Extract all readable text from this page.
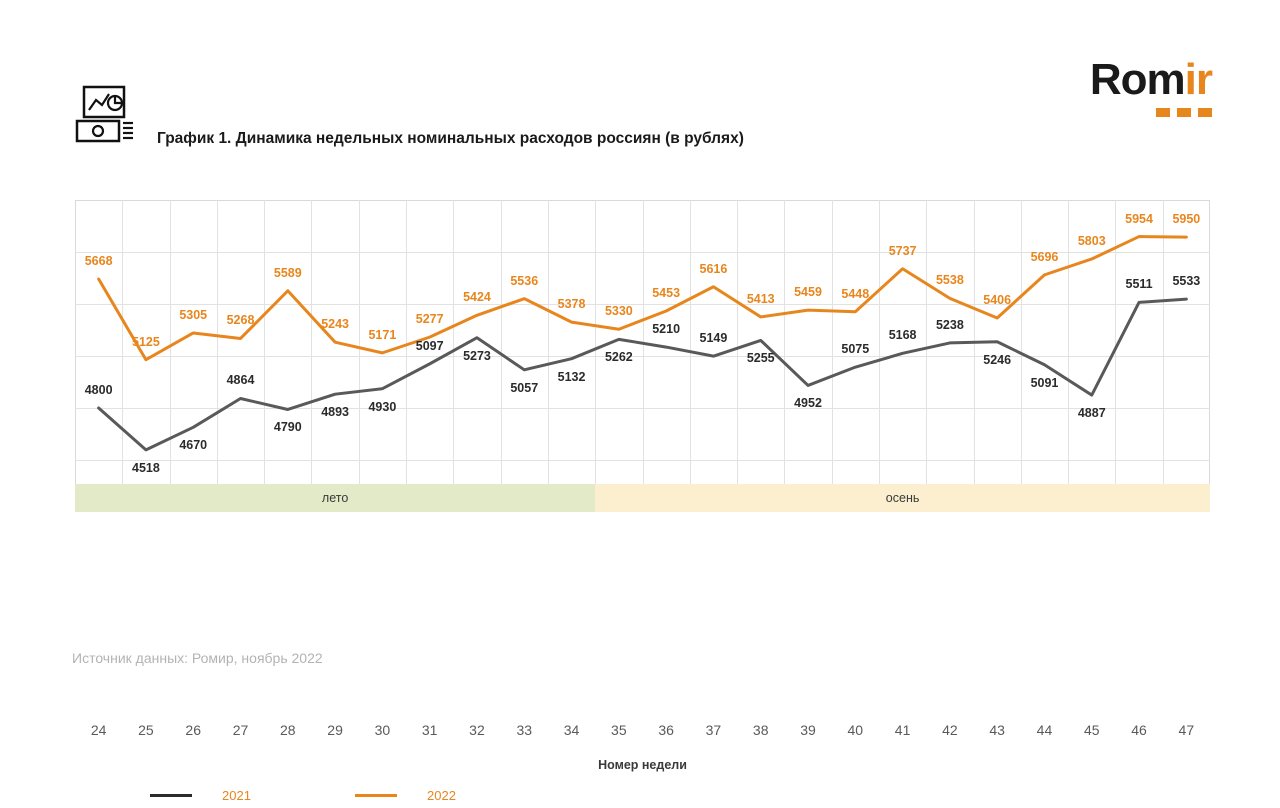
Romir
График 1. Динамика недельных номинальных расходов россиян (в рублях)
4800
4518
4670
4864
4790
4893 4930
5097
5273
5057
5132
5262
5210
5149
5255
4952
5075
5168
5238
5246
5091
4887
5511 5533
5668
5125
5305 5268
5589
5243
5171
5277
5424
5536
5378
5330
5453
5616
5413 5459 5448
5737
5538
5406
5696
5803
5954 5950
лето	осень
24 25 26 27 28 29 30 31 32 33 34 35 36 37 38 39 40 41 42 43 44 45 46 47
Номер недели
2021	2022
Источник данных: Ромир, ноябрь 2022
